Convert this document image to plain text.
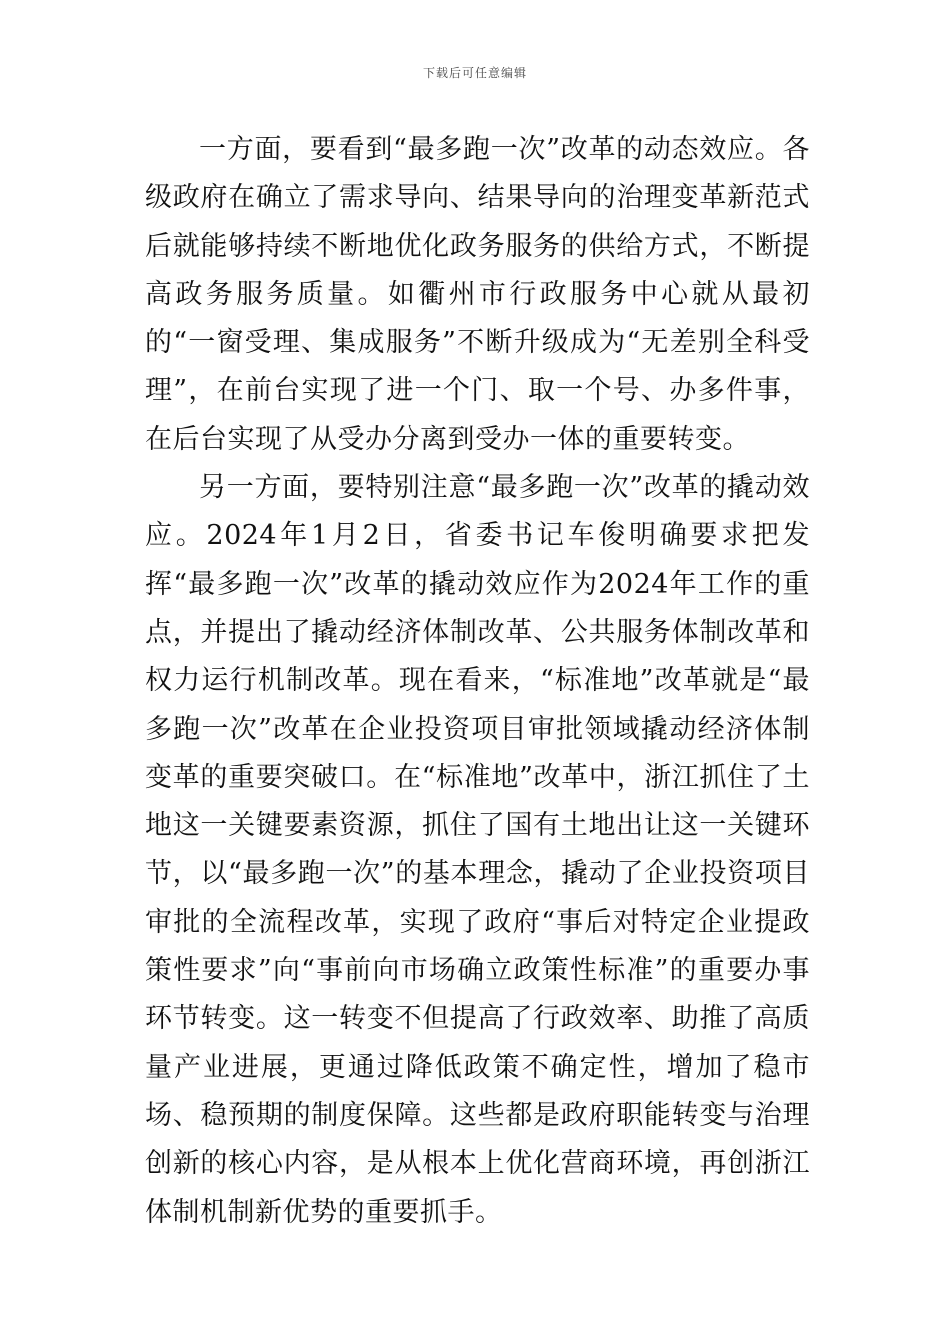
下载后可任意编辑

一方面，要看到“最多跑一次”改革的动态效应。各级政府在确立了需求导向、结果导向的治理变革新范式后就能够持续不断地优化政务服务的供给方式，不断提高政务服务质量。如衢州市行政服务中心就从最初的“一窗受理、集成服务”不断升级成为“无差别全科受理”，在前台实现了进一个门、取一个号、办多件事，在后台实现了从受办分离到受办一体的重要转变。

另一方面，要特别注意“最多跑一次”改革的撬动效应。2024年1月2日，省委书记车俊明确要求把发挥“最多跑一次”改革的撬动效应作为2024年工作的重点，并提出了撬动经济体制改革、公共服务体制改革和权力运行机制改革。现在看来，“标准地”改革就是“最多跑一次”改革在企业投资项目审批领域撬动经济体制变革的重要突破口。在“标准地”改革中，浙江抓住了土地这一关键要素资源，抓住了国有土地出让这一关键环节，以“最多跑一次”的基本理念，撬动了企业投资项目审批的全流程改革，实现了政府“事后对特定企业提政策性要求”向“事前向市场确立政策性标准”的重要办事环节转变。这一转变不但提高了行政效率、助推了高质量产业进展，更通过降低政策不确定性，增加了稳市场、稳预期的制度保障。这些都是政府职能转变与治理创新的核心内容，是从根本上优化营商环境，再创浙江体制机制新优势的重要抓手。
